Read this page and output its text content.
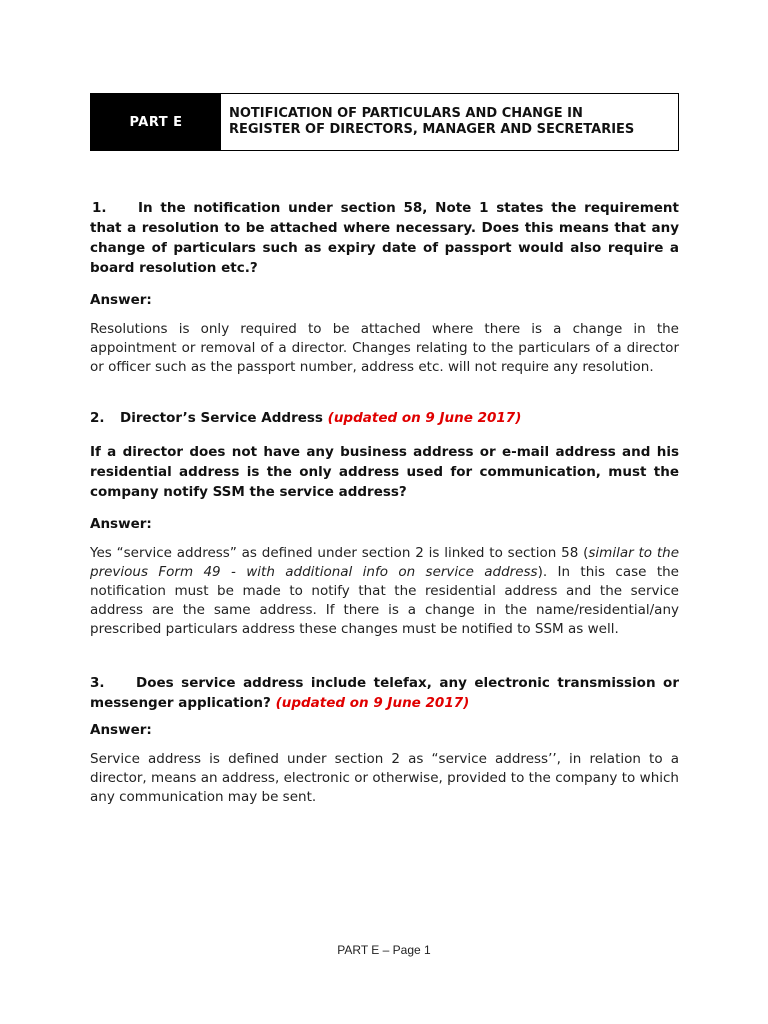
PART E
NOTIFICATION OF PARTICULARS AND CHANGE IN
REGISTER OF DIRECTORS, MANAGER AND SECRETARIES
1. In the notification under section 58, Note 1 states the requirement that a resolution to be attached where necessary. Does this means that any change of particulars such as expiry date of passport would also require a board resolution etc.?
Answer:
Resolutions is only required to be attached where there is a change in the appointment or removal of a director. Changes relating to the particulars of a director or officer such as the passport number, address etc. will not require any resolution.
2. Director’s Service Address (updated on 9 June 2017)
If a director does not have any business address or e-mail address and his residential address is the only address used for communication, must the company notify SSM the service address?
Answer:
Yes “service address” as defined under section 2 is linked to section 58 (similar to the previous Form 49 - with additional info on service address). In this case the notification must be made to notify that the residential address and the service address are the same address. If there is a change in the name/residential/any prescribed particulars address these changes must be notified to SSM as well.
3. Does service address include telefax, any electronic transmission or messenger application? (updated on 9 June 2017)
Answer:
Service address is defined under section 2 as “service address’’, in relation to a director, means an address, electronic or otherwise, provided to the company to which any communication may be sent.
PART E – Page 1
